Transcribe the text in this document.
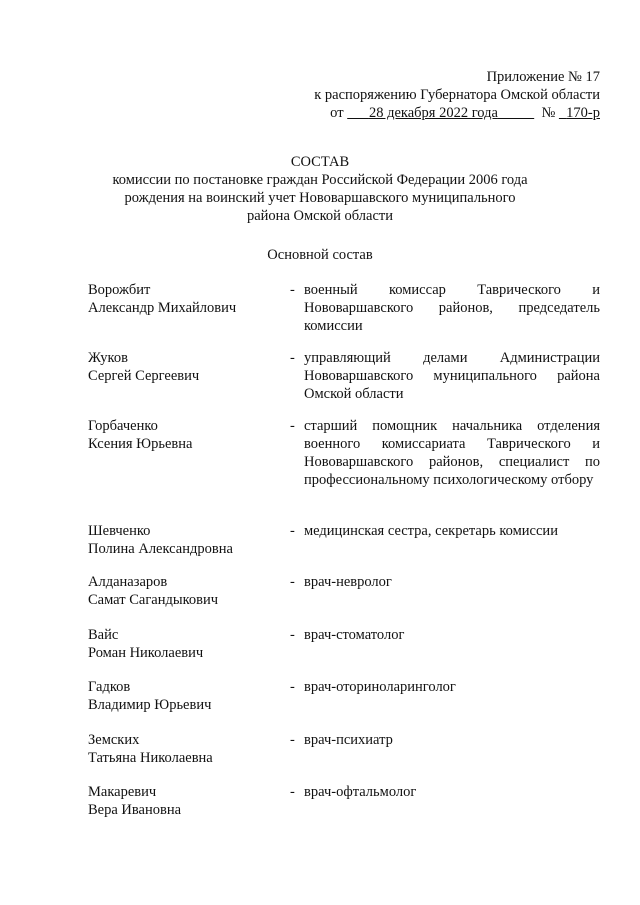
Приложение № 17
к распоряжению Губернатора Омской области
от 28 декабря 2022 года	№ 170-р
СОСТАВ
комиссии по постановке граждан Российской Федерации 2006 года
рождения на воинский учет Нововаршавского муниципального
района Омской области
Основной состав
Ворожбит
Александр Михайлович
- военный комиссар Таврического и Нововаршавского районов, председатель комиссии
Жуков
Сергей Сергеевич
- управляющий делами Администрации Нововаршавского муниципального района Омской области
Горбаченко
Ксения Юрьевна
- старший помощник начальника отделения военного комиссариата Таврического и Нововаршавского районов, специалист по профессиональному психологическому отбору
Шевченко
Полина Александровна
- медицинская сестра, секретарь комиссии
Алданазаров
Самат Сагандыкович
- врач-невролог
Вайс
Роман Николаевич
- врач-стоматолог
Гадков
Владимир Юрьевич
- врач-оториноларинголог
Земских
Татьяна Николаевна
- врач-психиатр
Макаревич
Вера Ивановна
- врач-офтальмолог
